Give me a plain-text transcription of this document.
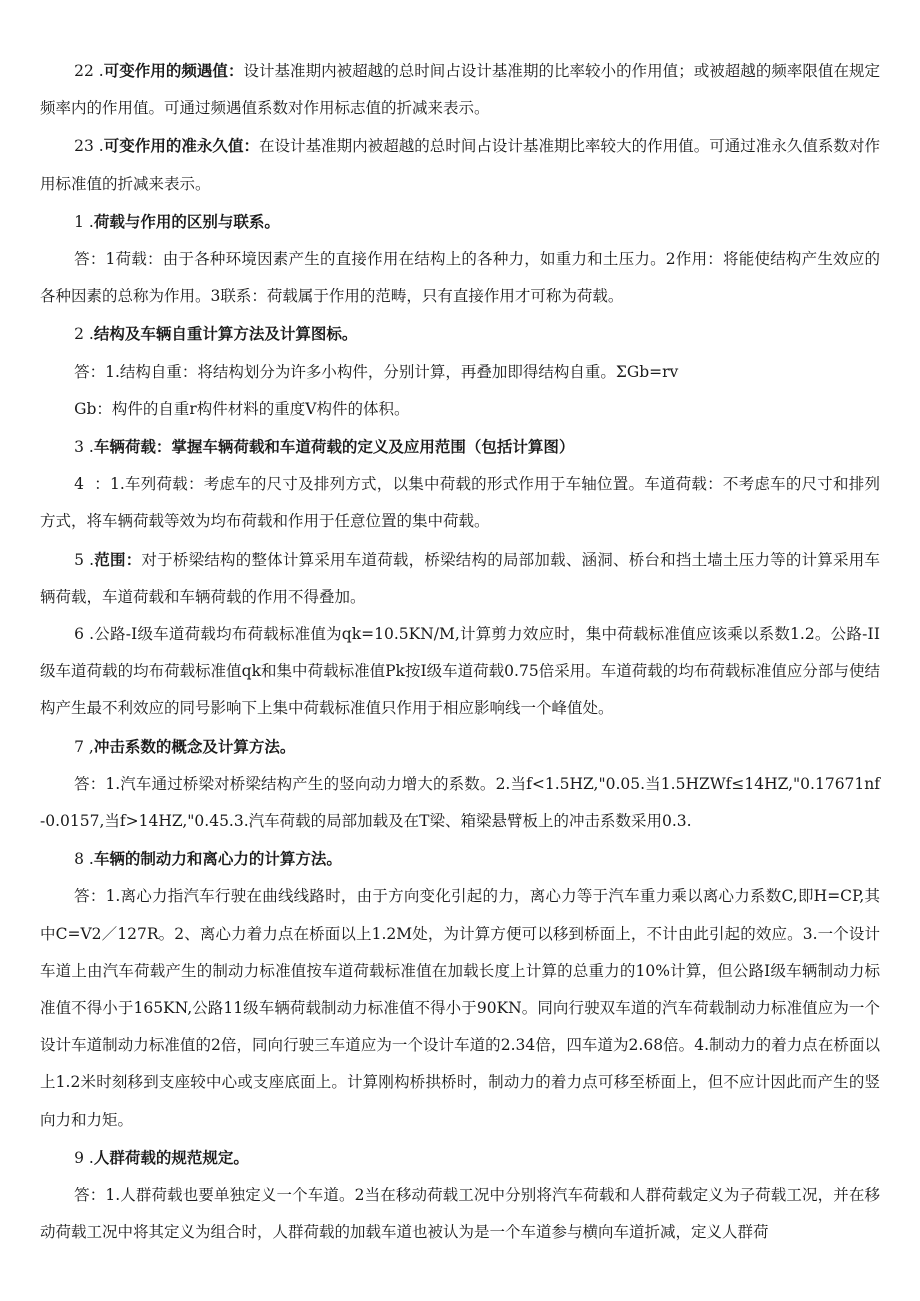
22 .可变作用的频遇值：设计基准期内被超越的总时间占设计基准期的比率较小的作用值；或被超越的频率限值在规定频率内的作用值。可通过频遇值系数对作用标志值的折减来表示。

23 .可变作用的准永久值：在设计基准期内被超越的总时间占设计基准期比率较大的作用值。可通过准永久值系数对作用标准值的折减来表示。

1 .荷载与作用的区别与联系。

答：1荷载：由于各种环境因素产生的直接作用在结构上的各种力，如重力和土压力。2作用：将能使结构产生效应的各种因素的总称为作用。3联系：荷载属于作用的范畴，只有直接作用才可称为荷载。

2 .结构及车辆自重计算方法及计算图标。

答：1.结构自重：将结构划分为许多小构件，分别计算，再叠加即得结构自重。ΣGb=rv

Gb：构件的自重r构件材料的重度V构件的体积。

3 .车辆荷载：掌握车辆荷载和车道荷载的定义及应用范围（包括计算图）

4  ：1.车列荷载：考虑车的尺寸及排列方式，以集中荷载的形式作用于车轴位置。车道荷载：不考虑车的尺寸和排列方式，将车辆荷载等效为均布荷载和作用于任意位置的集中荷载。

5 .范围：对于桥梁结构的整体计算采用车道荷载，桥梁结构的局部加载、涵洞、桥台和挡土墙土压力等的计算采用车辆荷载，车道荷载和车辆荷载的作用不得叠加。

6 .公路-Ⅰ级车道荷载均布荷载标准值为qk=10.5KN/M,计算剪力效应时，集中荷载标准值应该乘以系数1.2。公路-ⅠⅠ级车道荷载的均布荷载标准值qk和集中荷载标准值Pk按Ⅰ级车道荷载0.75倍采用。车道荷载的均布荷载标准值应分部与使结构产生最不利效应的同号影响下上集中荷载标准值只作用于相应影响线一个峰值处。

7 ,冲击系数的概念及计算方法。

答：1.汽车通过桥梁对桥梁结构产生的竖向动力增大的系数。2.当f<1.5HZ,"0.05.当1.5HZWf≤14HZ,"0.17671nf-0.0157,当f>14HZ,"0.45.3.汽车荷载的局部加载及在T梁、箱梁悬臂板上的冲击系数采用0.3.

8 .车辆的制动力和离心力的计算方法。

答：1.离心力指汽车行驶在曲线线路时，由于方向变化引起的力，离心力等于汽车重力乘以离心力系数C,即H=CP,其中C=V2／127R。2、离心力着力点在桥面以上1.2M处，为计算方便可以移到桥面上，不计由此引起的效应。3.一个设计车道上由汽车荷载产生的制动力标准值按车道荷载标准值在加载长度上计算的总重力的10%计算，但公路Ⅰ级车辆制动力标准值不得小于165KN,公路11级车辆荷载制动力标准值不得小于90KN。同向行驶双车道的汽车荷载制动力标准值应为一个设计车道制动力标准值的2倍，同向行驶三车道应为一个设计车道的2.34倍，四车道为2.68倍。4.制动力的着力点在桥面以上1.2米时刻移到支座较中心或支座底面上。计算刚构桥拱桥时，制动力的着力点可移至桥面上，但不应计因此而产生的竖向力和力矩。

9 .人群荷载的规范规定。

答：1.人群荷载也要单独定义一个车道。2当在移动荷载工况中分别将汽车荷载和人群荷载定义为子荷载工况，并在移动荷载工况中将其定义为组合时，人群荷载的加载车道也被认为是一个车道参与横向车道折减，定义人群荷
